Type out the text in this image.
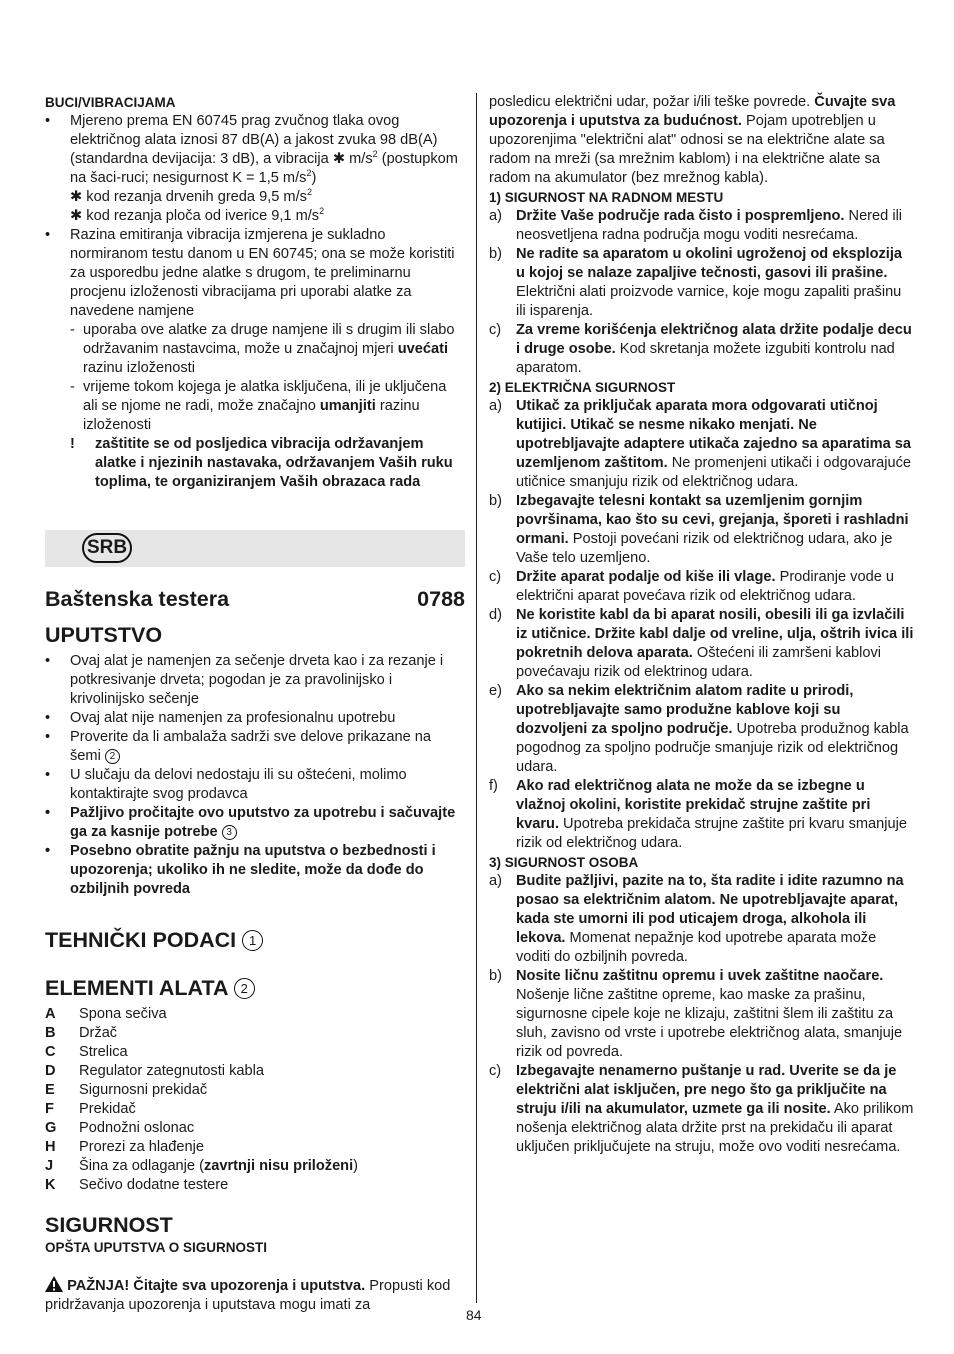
BUCI/VIBRACIJAMA
• Mjereno prema EN 60745 prag zvučnog tlaka ovog električnog alata iznosi 87 dB(A) a jakost zvuka 98 dB(A) (standardna devijacija: 3 dB), a vibracija ✱ $m/s^2$ (postupkom na šaci-ruci; nesigurnost K = 1,5 $m/s^2$)
✱ kod rezanja drvenih greda 9,5 $m/s^2$
✱ kod rezanja ploča od iverice 9,1 $m/s^2$
• Razina emitiranja vibracija izmjerena je sukladno normiranom testu danom u EN 60745; ona se može koristiti za usporedbu jedne alatke s drugom, te preliminarnu procjenu izloženosti vibracijama pri uporabi alatke za navedene namjene
- uporaba ove alatke za druge namjene ili s drugim ili slabo održavanim nastavcima, može u značajnoj mjeri uvećati razinu izloženosti
- vrijeme tokom kojega je alatka isključena, ili je uključena ali se njome ne radi, može značajno umanjiti razinu izloženosti
! zaštitite se od posljedica vibracija održavanjem alatke i njezinih nastavaka, održavanjem Vaših ruku toplima, te organiziranjem Vaših obrazaca rada
SRB
Baštenska testera	0788
UPUTSTVO
• Ovaj alat je namenjen za sečenje drveta kao i za rezanje i potkresivanje drveta; pogodan je za pravolinijsko i krivolinijsko sečenje
• Ovaj alat nije namenjen za profesionalnu upotrebu
• Proverite da li ambalaža sadrži sve delove prikazane na šemi 2
• U slučaju da delovi nedostaju ili su oštećeni, molimo kontaktirajte svog prodavca
• Pažljivo pročitajte ovo uputstvo za upotrebu i sačuvajte ga za kasnije potrebe 3
• Posebno obratite pažnju na uputstva o bezbednosti i upozorenja; ukoliko ih ne sledite, može da dođe do ozbiljnih povreda
TEHNIČKI PODACI 1
ELEMENTI ALATA 2
A	Spona sečiva
B	Držač
C	Strelica
D	Regulator zategnutosti kabla
E	Sigurnosni prekidač
F	Prekidač
G	Podnožni oslonac
H	Prorezi za hlađenje
J	Šina za odlaganje (zavrtnji nisu priloženi)
K	Sečivo dodatne testere
SIGURNOST
OPŠTA UPUTSTVA O SIGURNOSTI
PAŽNJA! Čitajte sva upozorenja i uputstva. Propusti kod pridržavanja upozorenja i uputstava mogu imati za
posledicu električni udar, požar i/ili teške povrede. Čuvajte sva upozorenja i uputstva za budućnost. Pojam upotrebljen u upozorenjima "električni alat" odnosi se na električne alate sa radom na mreži (sa mrežnim kablom) i na električne alate sa radom na akumulator (bez mrežnog kabla).
1) SIGURNOST NA RADNOM MESTU
a) Držite Vaše područje rada čisto i pospremljeno. Nered ili neosvetljena radna područja mogu voditi nesrećama.
b) Ne radite sa aparatom u okolini ugroženoj od eksplozija u kojoj se nalaze zapaljive tečnosti, gasovi ili prašine. Električni alati proizvode varnice, koje mogu zapaliti prašinu ili isparenja.
c) Za vreme korišćenja električnog alata držite podalje decu i druge osobe. Kod skretanja možete izgubiti kontrolu nad aparatom.
2) ELEKTRIČNA SIGURNOST
a) Utikač za priključak aparata mora odgovarati utičnoj kutijici. Utikač se nesme nikako menjati. Ne upotrebljavajte adaptere utikača zajedno sa aparatima sa uzemljenom zaštitom. Ne promenjeni utikači i odgovarajuće utičnice smanjuju rizik od električnog udara.
b) Izbegavajte telesni kontakt sa uzemljenim gornjim površinama, kao što su cevi, grejanja, šporeti i rashladni ormani. Postoji povećani rizik od električnog udara, ako je Vaše telo uzemljeno.
c) Držite aparat podalje od kiše ili vlage. Prodiranje vode u električni aparat povećava rizik od električnog udara.
d) Ne koristite kabl da bi aparat nosili, obesili ili ga izvlačili iz utičnice. Držite kabl dalje od vreline, ulja, oštrih ivica ili pokretnih delova aparata. Oštećeni ili zamršeni kablovi povećavaju rizik od elektrinog udara.
e) Ako sa nekim električnim alatom radite u prirodi, upotrebljavajte samo produžne kablove koji su dozvoljeni za spoljno područje. Upotreba produžnog kabla pogodnog za spoljno područje smanjuje rizik od električnog udara.
f) Ako rad električnog alata ne može da se izbegne u vlažnoj okolini, koristite prekidač strujne zaštite pri kvaru. Upotreba prekidača strujne zaštite pri kvaru smanjuje rizik od električnog udara.
3) SIGURNOST OSOBA
a) Budite pažljivi, pazite na to, šta radite i idite razumno na posao sa električnim alatom. Ne upotrebljavajte aparat, kada ste umorni ili pod uticajem droga, alkohola ili lekova. Momenat nepažnje kod upotrebe aparata može voditi do ozbiljnih povreda.
b) Nosite ličnu zaštitnu opremu i uvek zaštitne naočare. Nošenje lične zaštitne opreme, kao maske za prašinu, sigurnosne cipele koje ne klizaju, zaštitni šlem ili zaštitu za sluh, zavisno od vrste i upotrebe električnog alata, smanjuje rizik od povreda.
c) Izbegavajte nenamerno puštanje u rad. Uverite se da je električni alat isključen, pre nego što ga priključite na struju i/ili na akumulator, uzmete ga ili nosite. Ako prilikom nošenja električnog alata držite prst na prekidaču ili aparat uključen priključujete na struju, može ovo voditi nesrećama.
84
